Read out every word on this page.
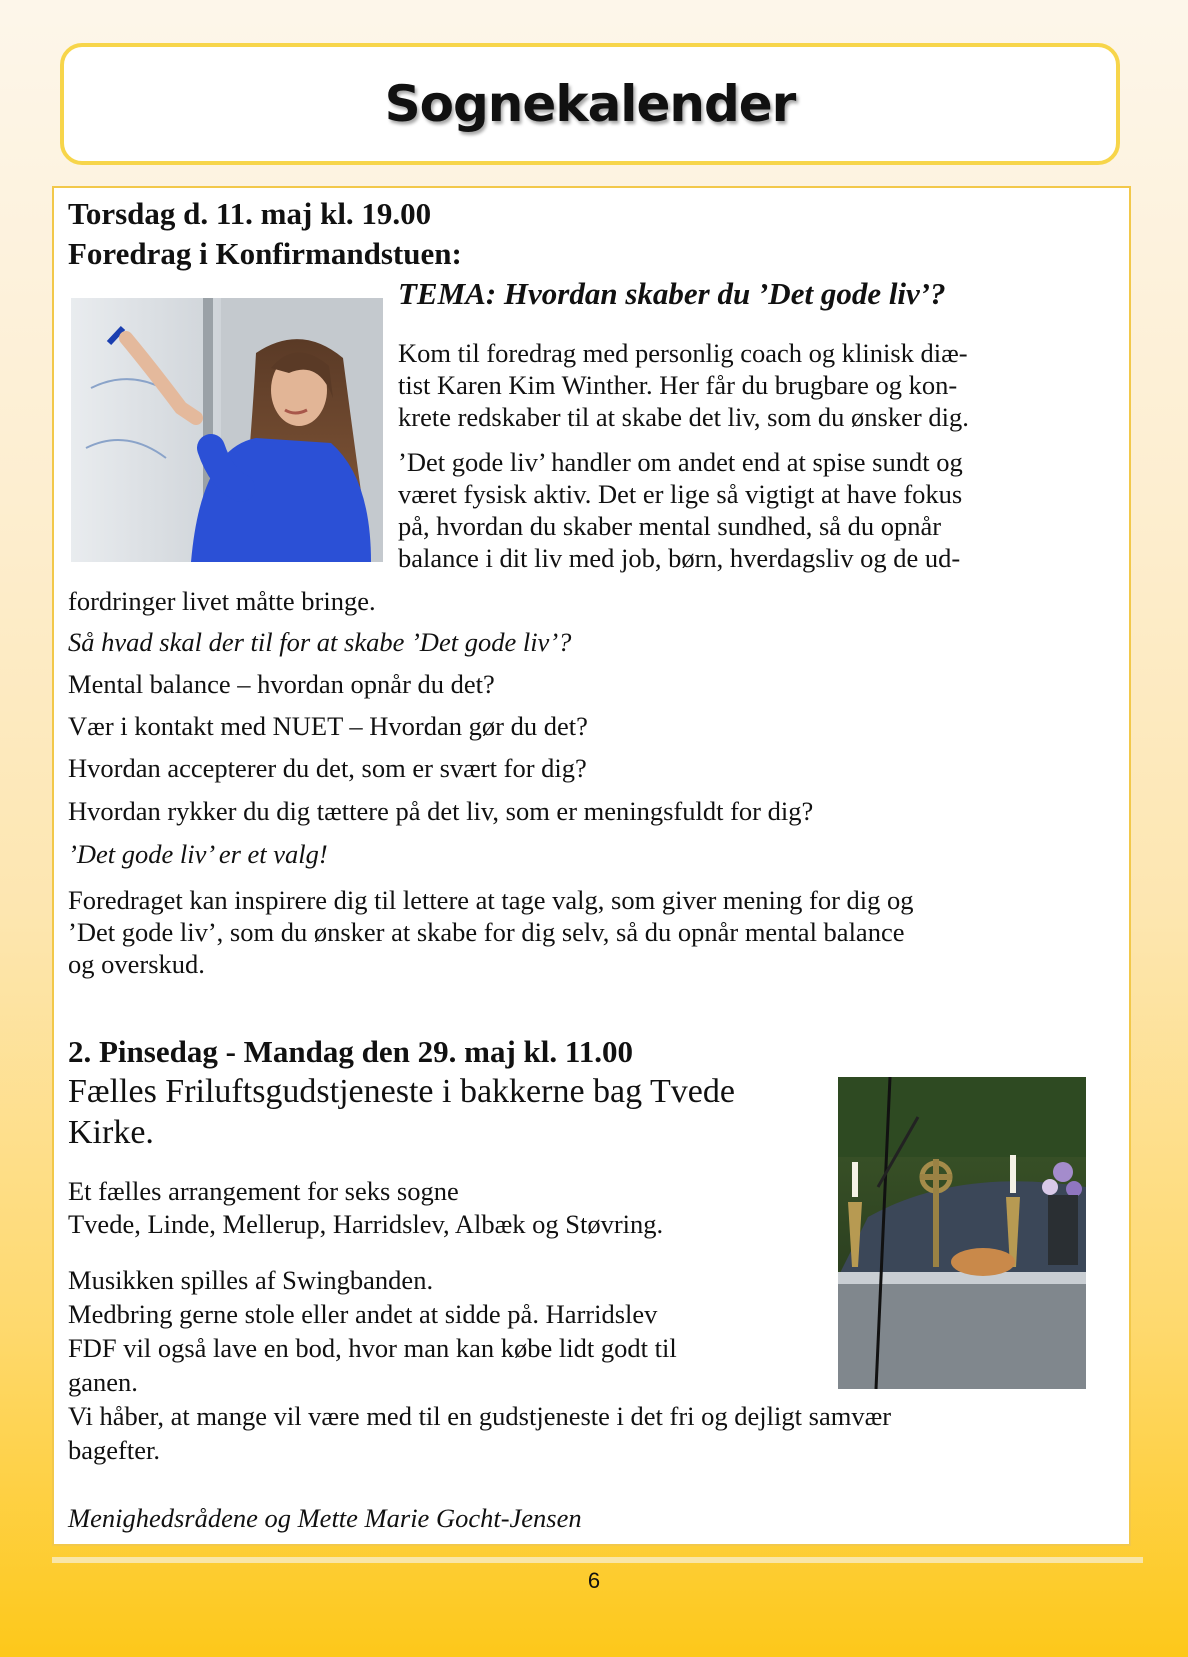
Sognekalender

Torsdag d. 11. maj kl. 19.00

Foredrag i Konfirmandstuen:

TEMA: Hvordan skaber du ’Det gode liv’?

Kom til foredrag med personlig coach og klinisk diæ-

tist Karen Kim Winther. Her får du brugbare og kon-

krete redskaber til at skabe det liv, som du ønsker dig.

’Det gode liv’ handler om andet end at spise sundt og

været fysisk aktiv. Det er lige så vigtigt at have fokus

på, hvordan du skaber mental sundhed, så du opnår

balance i dit liv med job, børn, hverdagsliv og de ud-

fordringer livet måtte bringe.

Så hvad skal der til for at skabe ’Det gode liv’?

Mental balance – hvordan opnår du det?

Vær i kontakt med NUET – Hvordan gør du det?

Hvordan accepterer du det, som er svært for dig?

Hvordan rykker du dig tættere på det liv, som er meningsfuldt for dig?

’Det gode liv’ er et valg!

Foredraget kan inspirere dig til lettere at tage valg, som giver mening for dig og

’Det gode liv’, som du ønsker at skabe for dig selv, så du opnår mental balance

og overskud.

2. Pinsedag - Mandag den 29. maj kl. 11.00

Fælles Friluftsgudstjeneste i bakkerne bag Tvede

Kirke.

Et fælles arrangement for seks sogne

Tvede, Linde, Mellerup, Harridslev, Albæk og Støvring.

Musikken spilles af Swingbanden.

Medbring gerne stole eller andet at sidde på. Harridslev

FDF vil også lave en bod, hvor man kan købe lidt godt til

ganen.

Vi håber, at mange vil være med til en gudstjeneste i det fri og dejligt samvær

bagefter.

Menighedsrådene og Mette Marie Gocht-Jensen

6
